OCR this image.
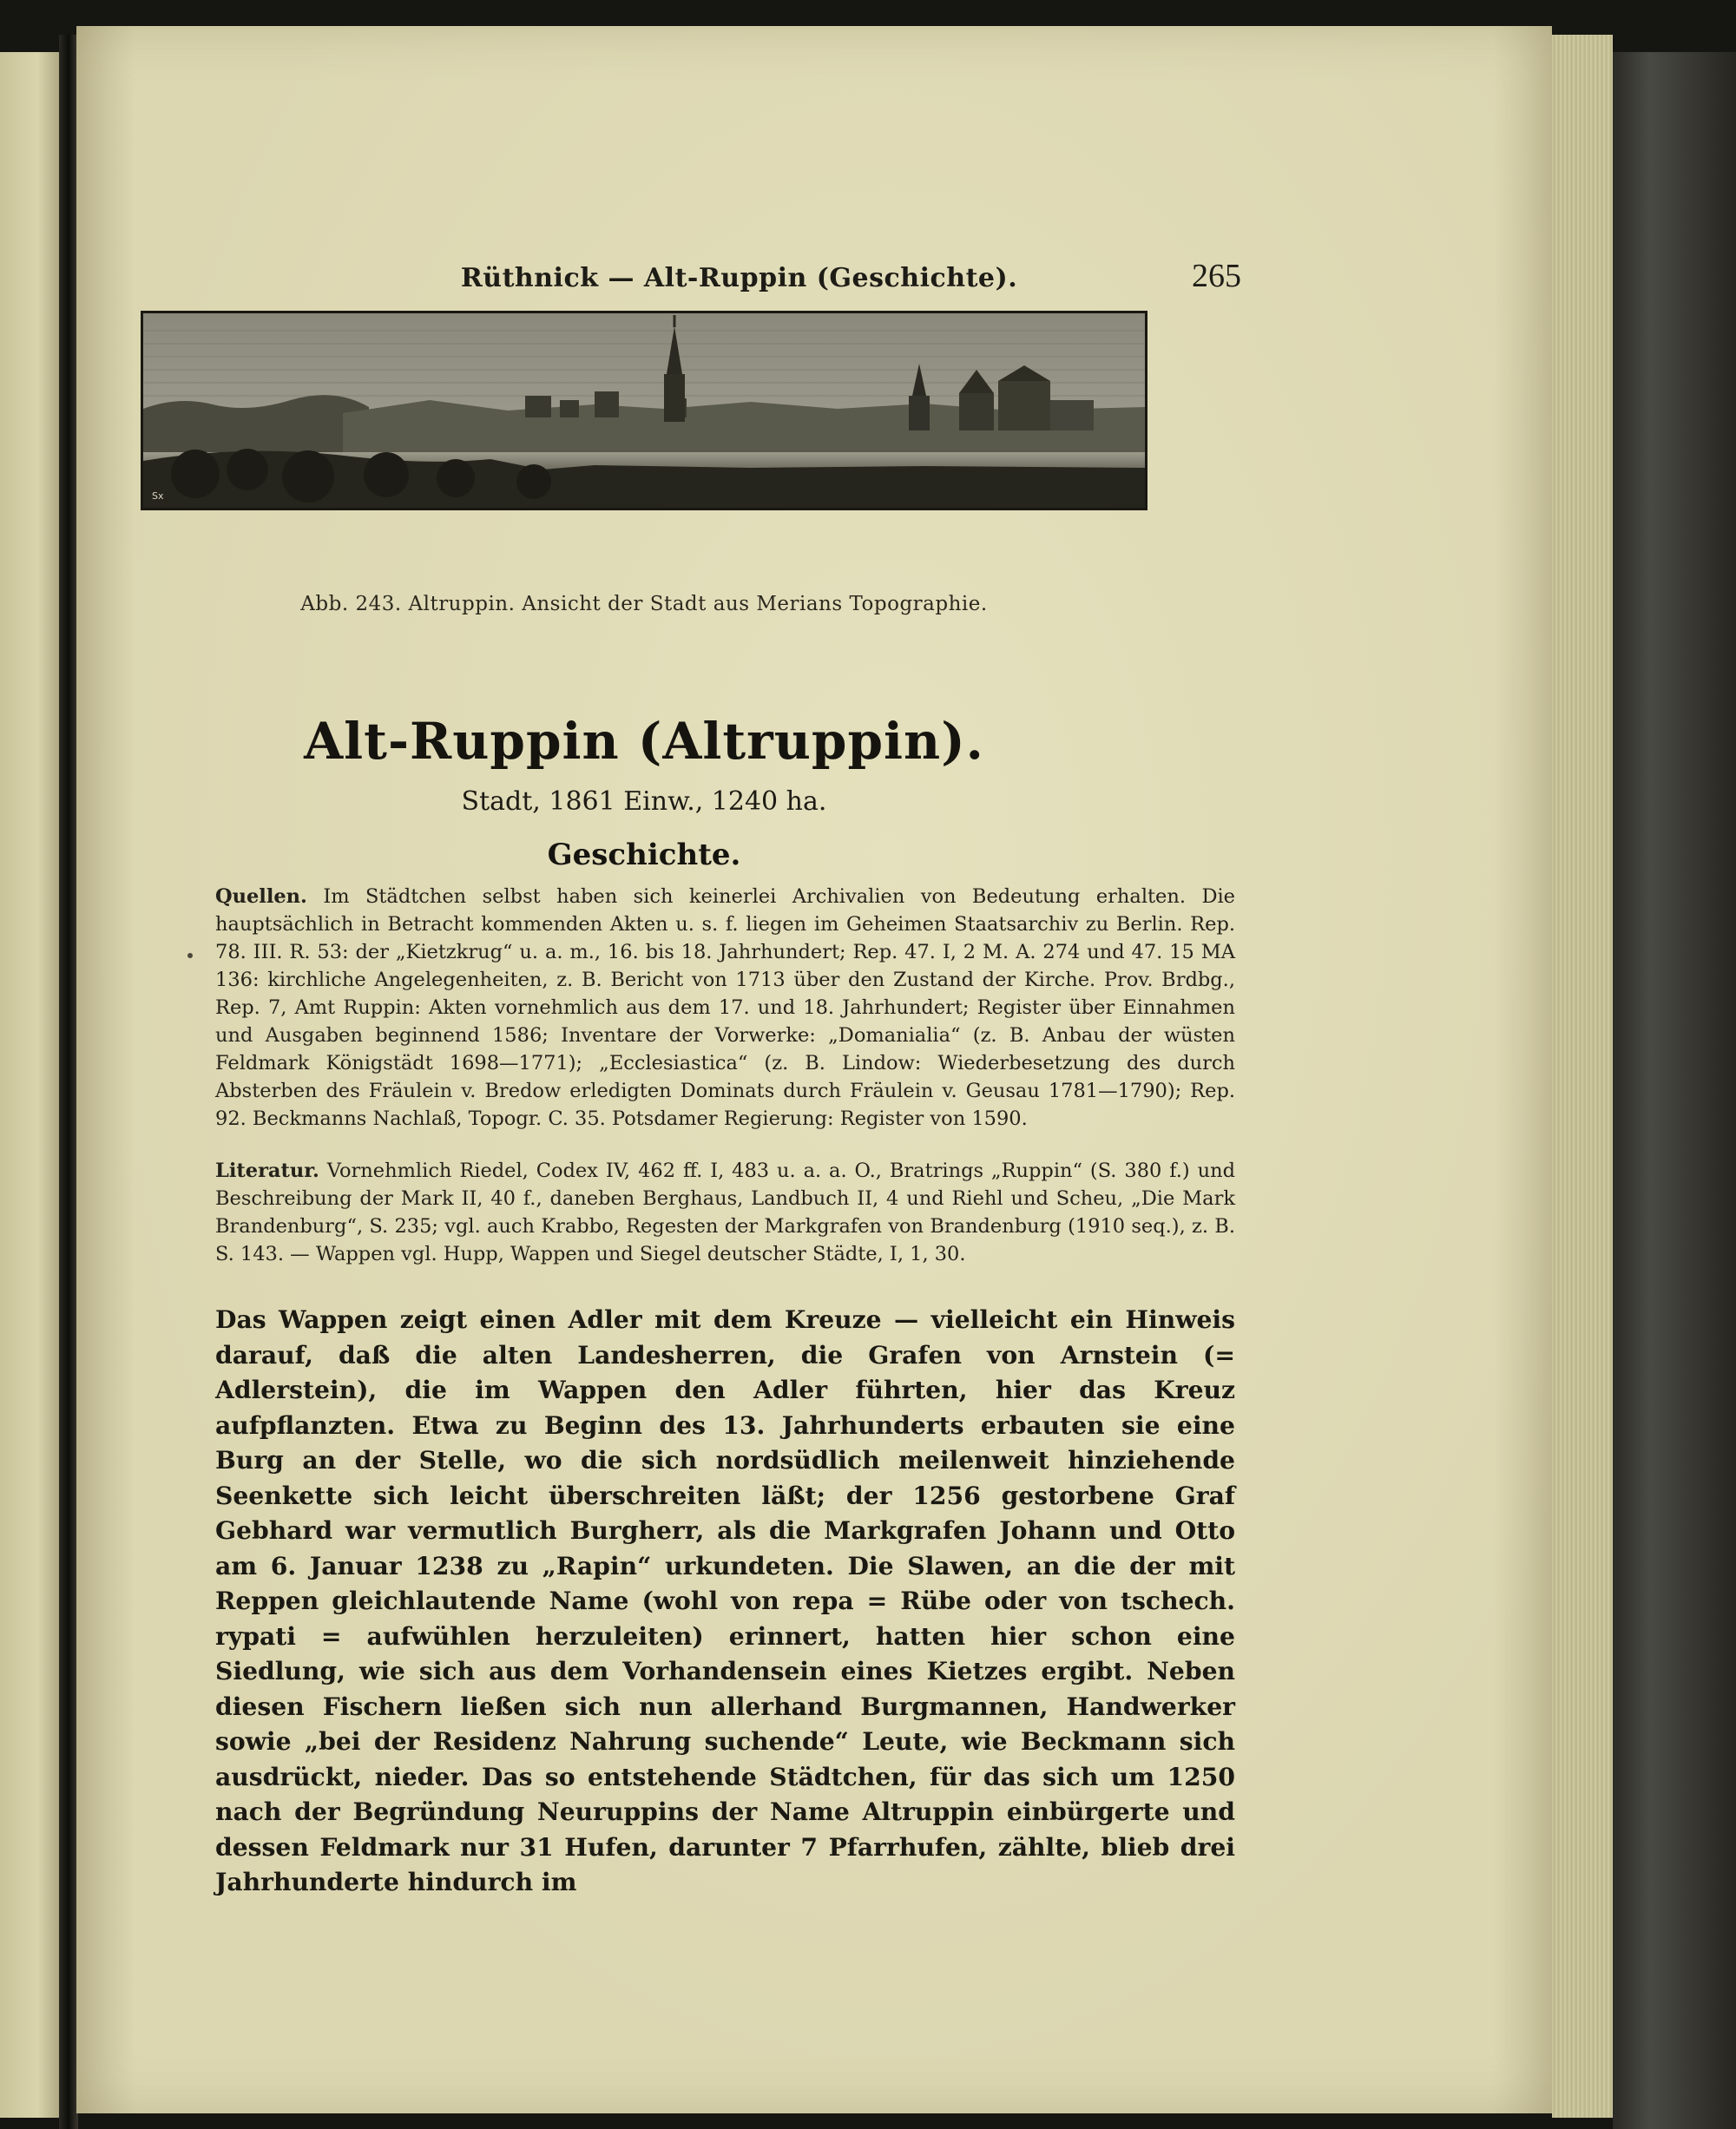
Rüthnick — Alt-Ruppin (Geschichte).	265
Sx
Abb. 243. Altruppin. Ansicht der Stadt aus Merians Topographie.
Alt-Ruppin (Altruppin).
Stadt, 1861 Einw., 1240 ha.
Geschichte.

Quellen. Im Städtchen selbst haben sich keinerlei Archivalien von Bedeutung erhalten. Die hauptsächlich in Betracht kommenden Akten u. s. f. liegen im Geheimen Staatsarchiv zu Berlin. Rep. 78. III. R. 53: der „Kietzkrug“ u. a. m., 16. bis 18. Jahrhundert; Rep. 47. I, 2 M. A. 274 und 47. 15 MA 136: kirchliche Angelegenheiten, z. B. Bericht von 1713 über den Zustand der Kirche. Prov. Brdbg., Rep. 7, Amt Ruppin: Akten vornehmlich aus dem 17. und 18. Jahrhundert; Register über Einnahmen und Ausgaben beginnend 1586; Inventare der Vorwerke: „Domanialia“ (z. B. Anbau der wüsten Feldmark Königstädt 1698—1771); „Ecclesiastica“ (z. B. Lindow: Wiederbesetzung des durch Absterben des Fräulein v. Bredow erledigten Dominats durch Fräulein v. Geusau 1781—1790); Rep. 92. Beckmanns Nachlaß, Topogr. C. 35. Potsdamer Regierung: Register von 1590.

Literatur. Vornehmlich Riedel, Codex IV, 462 ff. I, 483 u. a. a. O., Bratrings „Ruppin“ (S. 380 f.) und Beschreibung der Mark II, 40 f., daneben Berghaus, Landbuch II, 4 und Riehl und Scheu, „Die Mark Brandenburg“, S. 235; vgl. auch Krabbo, Regesten der Markgrafen von Brandenburg (1910 seq.), z. B. S. 143. — Wappen vgl. Hupp, Wappen und Siegel deutscher Städte, I, 1, 30.

Das Wappen zeigt einen Adler mit dem Kreuze — vielleicht ein Hinweis darauf, daß die alten Landesherren, die Grafen von Arnstein (= Adlerstein), die im Wappen den Adler führten, hier das Kreuz aufpflanzten. Etwa zu Beginn des 13. Jahrhunderts erbauten sie eine Burg an der Stelle, wo die sich nordsüdlich meilenweit hinziehende Seenkette sich leicht überschreiten läßt; der 1256 gestorbene Graf Gebhard war vermutlich Burgherr, als die Markgrafen Johann und Otto am 6. Januar 1238 zu „Rapin“ urkundeten. Die Slawen, an die der mit Reppen gleichlautende Name (wohl von repa = Rübe oder von tschech. rypati = aufwühlen herzuleiten) erinnert, hatten hier schon eine Siedlung, wie sich aus dem Vorhandensein eines Kietzes ergibt. Neben diesen Fischern ließen sich nun allerhand Burgmannen, Handwerker sowie „bei der Residenz Nahrung suchende“ Leute, wie Beckmann sich ausdrückt, nieder. Das so entstehende Städtchen, für das sich um 1250 nach der Begründung Neuruppins der Name Altruppin einbürgerte und dessen Feldmark nur 31 Hufen, darunter 7 Pfarrhufen, zählte, blieb drei Jahrhunderte hindurch im
